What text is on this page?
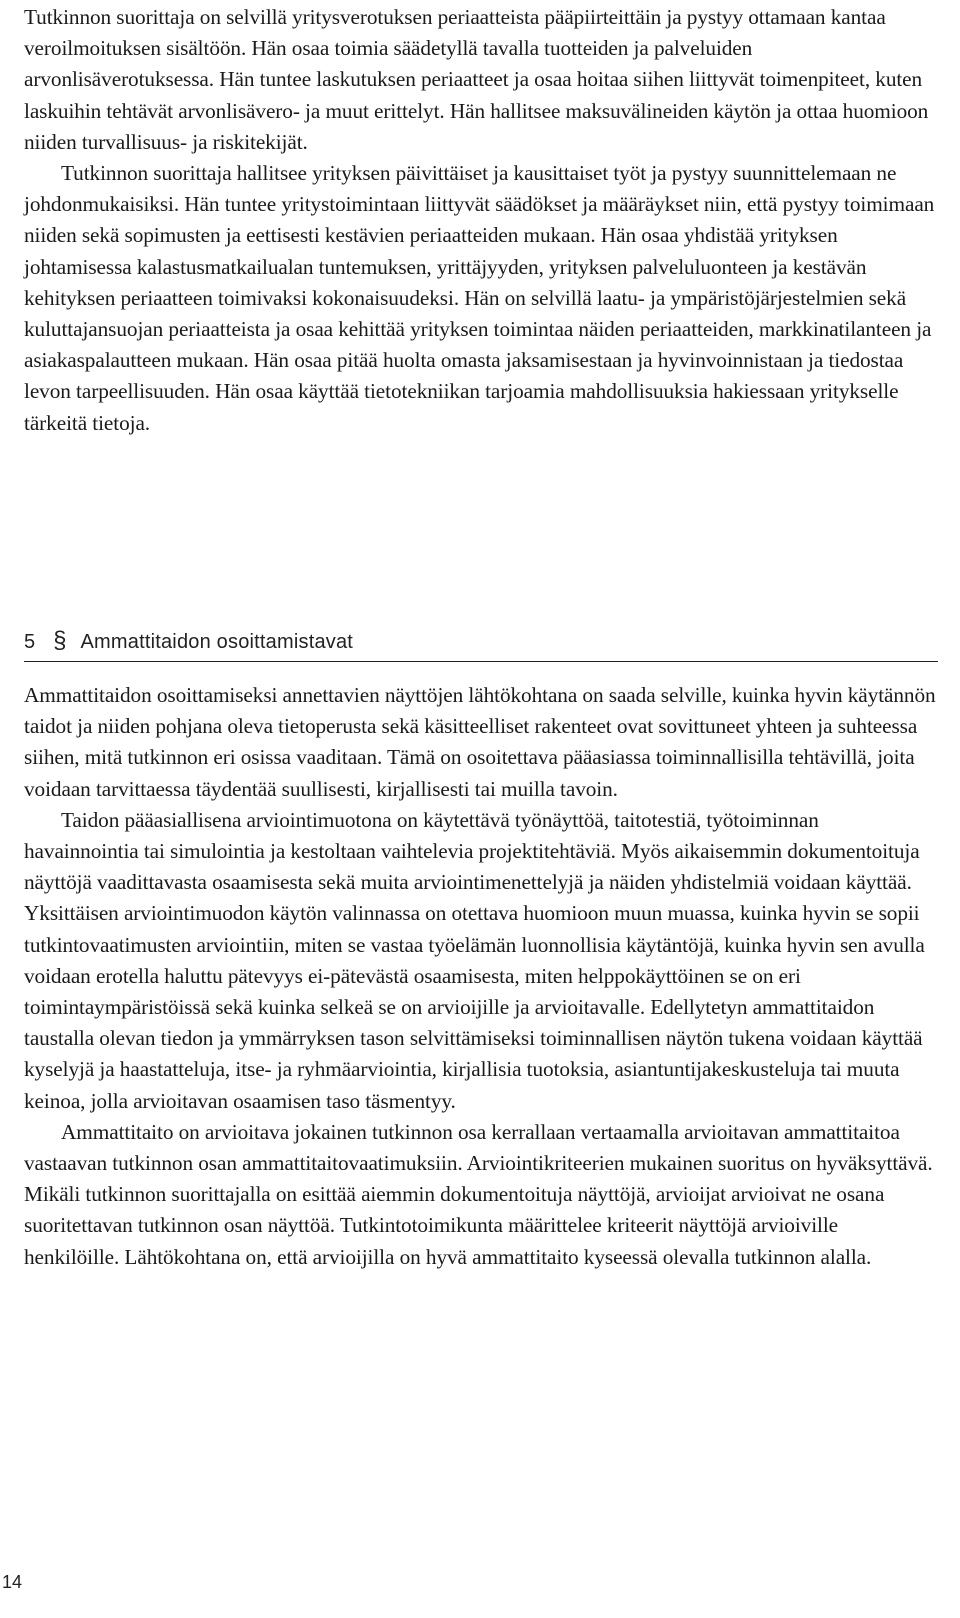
Tutkinnon suorittaja on selvillä yritysverotuksen periaatteista pääpiirteittäin ja pystyy ottamaan kantaa veroilmoituksen sisältöön. Hän osaa toimia säädetyllä tavalla tuotteiden ja palveluiden arvonlisäverotuksessa. Hän tuntee laskutuksen periaatteet ja osaa hoitaa siihen liittyvät toimenpiteet, kuten laskuihin tehtävät arvonlisävero- ja muut erittelyt. Hän hallitsee maksuvälineiden käytön ja ottaa huomioon niiden turvallisuus- ja riskitekijät.

Tutkinnon suorittaja hallitsee yrityksen päivittäiset ja kausittaiset työt ja pystyy suunnittelemaan ne johdonmukaisiksi. Hän tuntee yritystoimintaan liittyvät säädökset ja määräykset niin, että pystyy toimimaan niiden sekä sopimusten ja eettisesti kestävien periaatteiden mukaan. Hän osaa yhdistää yrityksen johtamisessa kalastusmatkailualan tuntemuksen, yrittäjyyden, yrityksen palveluluonteen ja kestävän kehityksen periaatteen toimivaksi kokonaisuudeksi. Hän on selvillä laatu- ja ympäristöjärjestelmien sekä kuluttajansuojan periaatteista ja osaa kehittää yrityksen toimintaa näiden periaatteiden, markkinatilanteen ja asiakaspalautteen mukaan. Hän osaa pitää huolta omasta jaksamisestaan ja hyvinvoinnistaan ja tiedostaa levon tarpeellisuuden. Hän osaa käyttää tietotekniikan tarjoamia mahdollisuuksia hakiessaan yritykselle tärkeitä tietoja.

5 § Ammattitaidon osoittamistavat

Ammattitaidon osoittamiseksi annettavien näyttöjen lähtökohtana on saada selville, kuinka hyvin käytännön taidot ja niiden pohjana oleva tietoperusta sekä käsitteelliset rakenteet ovat sovittuneet yhteen ja suhteessa siihen, mitä tutkinnon eri osissa vaaditaan. Tämä on osoitettava pääasiassa toiminnallisilla tehtävillä, joita voidaan tarvittaessa täydentää suullisesti, kirjallisesti tai muilla tavoin.

Taidon pääasiallisena arviointimuotona on käytettävä työnäyttöä, taitotestiä, työtoiminnan havainnointia tai simulointia ja kestoltaan vaihtelevia projektitehtäviä. Myös aikaisemmin dokumentoituja näyttöjä vaadittavasta osaamisesta sekä muita arviointimenettelyjä ja näiden yhdistelmiä voidaan käyttää. Yksittäisen arviointimuodon käytön valinnassa on otettava huomioon muun muassa, kuinka hyvin se sopii tutkintovaatimusten arviointiin, miten se vastaa työelämän luonnollisia käytäntöjä, kuinka hyvin sen avulla voidaan erotella haluttu pätevyys ei-pätevästä osaamisesta, miten helppokäyttöinen se on eri toimintaympäristöissä sekä kuinka selkeä se on arvioijille ja arvioitavalle. Edellytetyn ammattitaidon taustalla olevan tiedon ja ymmärryksen tason selvittämiseksi toiminnallisen näytön tukena voidaan käyttää kyselyjä ja haastatteluja, itse- ja ryhmäarviointia, kirjallisia tuotoksia, asiantuntijakeskusteluja tai muuta keinoa, jolla arvioitavan osaamisen taso täsmentyy.

Ammattitaito on arvioitava jokainen tutkinnon osa kerrallaan vertaamalla arvioitavan ammattitaitoa vastaavan tutkinnon osan ammattitaitovaatimuksiin. Arviointikriteerien mukainen suoritus on hyväksyttävä. Mikäli tutkinnon suorittajalla on esittää aiemmin dokumentoituja näyttöjä, arvioijat arvioivat ne osana suoritettavan tutkinnon osan näyttöä. Tutkintotoimikunta määrittelee kriteerit näyttöjä arvioiville henkilöille. Lähtökohtana on, että arvioijilla on hyvä ammattitaito kyseessä olevalla tutkinnon alalla.

14
